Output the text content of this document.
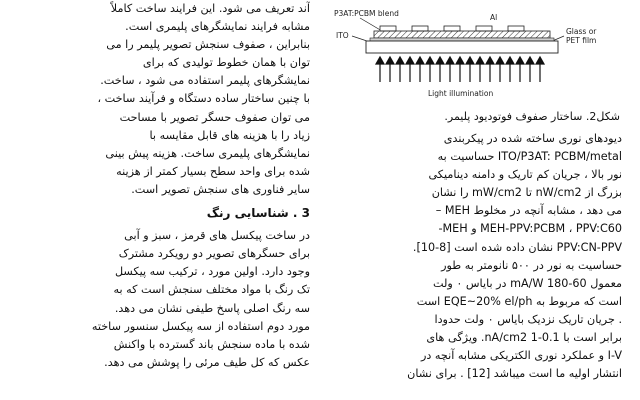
آند تعریف می شود. این فرایند ساخت کاملاً
مشابه فرایند نمایشگرهای پلیمری است.
بنابراین ، صفوف سنجش تصویر پلیمر را می
توان با همان خطوط تولیدی که برای
نمایشگرهای پلیمر استفاده می شود ، ساخت.
با چنین ساختار ساده دستگاه و فرآیند ساخت ،
می توان صفوف حسگر تصویر با مساحت
زیاد را با هزینه های قابل مقایسه با
نمایشگرهای پلیمری ساخت. هزینه پیش بینی
شده برای واحد سطح بسیار کمتر از هزینه
سایر فناوری های سنجش تصویر است.
3 . شناسایی رنگ
در ساخت پیکسل های قرمز ، سبز و آبی
برای حسگرهای تصویر دو رویکرد مشترک
وجود دارد. اولین مورد ، ترکیب سه پیکسل
تک رنگ با مواد مختلف سنجش است که به
سه رنگ اصلی پاسخ طیفی نشان می دهد.
مورد دوم استفاده از سه پیکسل سنسور ساخته
شده با ماده سنجش باند گسترده با واکنش
عکس که کل طیف مرئی را پوشش می دهد.
P3AT:PCBM blend	Al
ITO	Glass or
PET film
Light illumination
شکل2. ساختار صفوف فوتودیود پلیمر.
دیودهای نوری ساخته شده در پیکربندی
ITO/P3AT: PCBM/metal حساسیت به
نور بالا ، جریان کم تاریک و دامنه دینامیکی
بزرگ از nW/cm2 تا mW/cm2 را نشان
می دهد ، مشابه آنچه در مخلوط MEH –
MEH-PPV:PCBM ، PPV:C60 و MEH-
PPV:CN-PPV نشان داده شده است [8-10].
حساسیت به نور در ۵۰۰ نانومتر به طور
معمول mA/W 180-60 در بایاس ۰ ولت
است که مربوط به EQE~20% el/ph است
. جریان تاریک نزدیک بایاس ۰ ولت حدودا
برابر است با nA/cm2 1-0.1. ویژگی های
I-V و عملکرد نوری الکتریکی مشابه آنچه در
انتشار اولیه ما است میباشد [12] . برای نشان
